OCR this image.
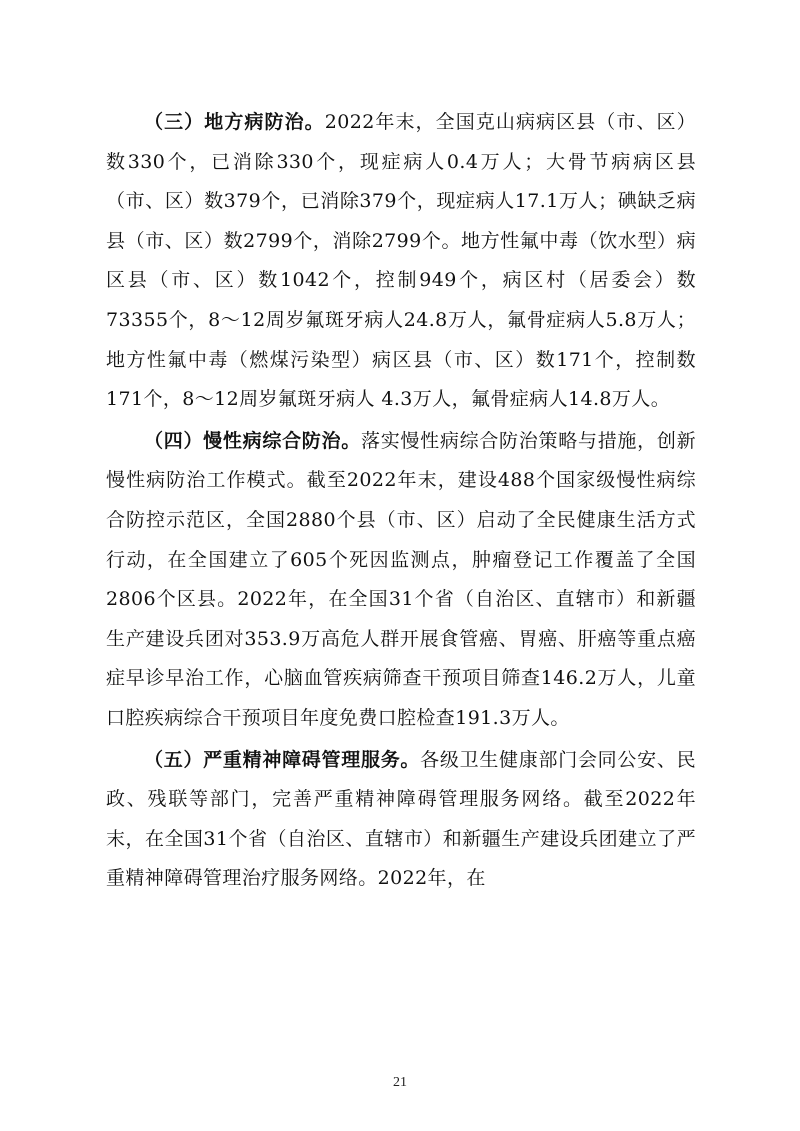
（三）地方病防治。2022年末，全国克山病病区县（市、区）数330个，已消除330个，现症病人0.4万人；大骨节病病区县（市、区）数379个，已消除379个，现症病人17.1万人；碘缺乏病县（市、区）数2799个，消除2799个。地方性氟中毒（饮水型）病区县（市、区）数1042个，控制949个，病区村（居委会）数73355个，8～12周岁氟斑牙病人24.8万人，氟骨症病人5.8万人；地方性氟中毒（燃煤污染型）病区县（市、区）数171个，控制数171个，8～12周岁氟斑牙病人 4.3万人，氟骨症病人14.8万人。

（四）慢性病综合防治。落实慢性病综合防治策略与措施，创新慢性病防治工作模式。截至2022年末，建设488个国家级慢性病综合防控示范区，全国2880个县（市、区）启动了全民健康生活方式行动，在全国建立了605个死因监测点，肿瘤登记工作覆盖了全国2806个区县。2022年，在全国31个省（自治区、直辖市）和新疆生产建设兵团对353.9万高危人群开展食管癌、胃癌、肝癌等重点癌症早诊早治工作，心脑血管疾病筛查干预项目筛查146.2万人，儿童口腔疾病综合干预项目年度免费口腔检查191.3万人。

（五）严重精神障碍管理服务。各级卫生健康部门会同公安、民政、残联等部门，完善严重精神障碍管理服务网络。截至2022年末，在全国31个省（自治区、直辖市）和新疆生产建设兵团建立了严重精神障碍管理治疗服务网络。2022年，在

21
